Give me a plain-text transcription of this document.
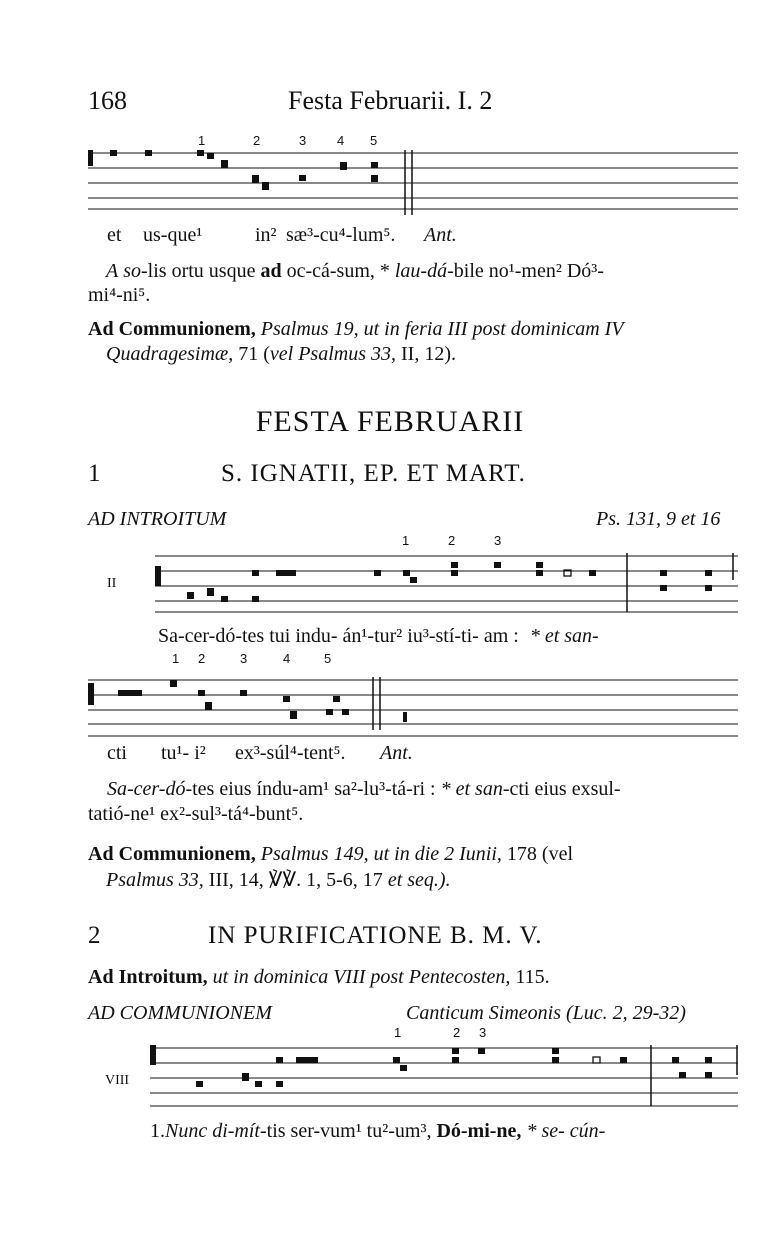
168	Festa Februarii. I. 2
1	2	3 4 5
et us-que¹	in² sæ³-cu⁴-lum⁵. Ant.
A so-lis ortu usque ad oc-cá-sum, * lau-dá-bile no¹-men² Dó³-
mi⁴-ni⁵.
Ad Communionem, Psalmus 19, ut in feria III post dominicam IV
Quadragesimæ, 71 (vel Psalmus 33, II, 12).
FESTA FEBRUARII
1	S. IGNATII, EP. ET MART.
AD INTROITUM	Ps. 131, 9 et 16
II
1	2	3
Sa-cer-dó-tes tui indu- án¹-tur² iu³-stí-ti- am : * et san-
1 2	3	4	5
cti tu¹- i² ex³-súl⁴-tent⁵. Ant.
Sa-cer-dó-tes eius índu-am¹ sa²-lu³-tá-ri : * et san-cti eius exsul-
tatió-ne¹ ex²-sul³-tá⁴-bunt⁵.
Ad Communionem, Psalmus 149, ut in die 2 Iunii, 178 (vel
Psalmus 33, III, 14, ℣℣. 1, 5-6, 17 et seq.).
2	IN PURIFICATIONE B. M. V.
Ad Introitum, ut in dominica VIII post Pentecosten, 115.
AD COMMUNIONEM	Canticum Simeonis (Luc. 2, 29-32)
VIII
1	2 3
1.Nunc di-mít-tis ser-vum¹ tu²-um³, Dó-mi-ne, * se- cún-
